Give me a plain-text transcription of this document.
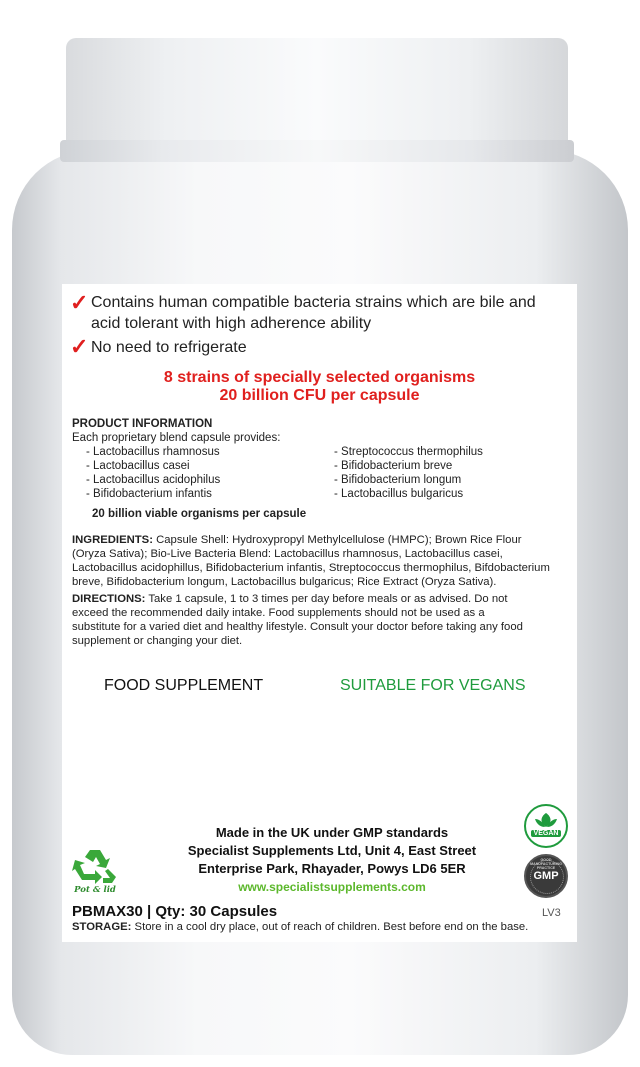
✓ Contains human compatible bacteria strains which are bile and
acid tolerant with high adherence ability
✓ No need to refrigerate
8 strains of specially selected organisms
20 billion CFU per capsule
PRODUCT INFORMATION
Each proprietary blend capsule provides:
- Lactobacillus rhamnosus
- Lactobacillus casei
- Lactobacillus acidophilus
- Bifidobacterium infantis
- Streptococcus thermophilus
- Bifidobacterium breve
- Bifidobacterium longum
- Lactobacillus bulgaricus
20 billion viable organisms per capsule
INGREDIENTS: Capsule Shell: Hydroxypropyl Methylcellulose (HMPC); Brown Rice Flour
(Oryza Sativa); Bio-Live Bacteria Blend: Lactobacillus rhamnosus, Lactobacillus casei,
Lactobacillus acidophillus, Bifidobacterium infantis, Streptococcus thermophilus, Bifdobacterium
breve, Bifidobacterium longum, Lactobacillus bulgaricus; Rice Extract (Oryza Sativa).
DIRECTIONS: Take 1 capsule, 1 to 3 times per day before meals or as advised. Do not
exceed the recommended daily intake. Food supplements should not be used as a
substitute for a varied diet and healthy lifestyle. Consult your doctor before taking any food
supplement or changing your diet.
FOOD SUPPLEMENT	SUITABLE FOR VEGANS
VEGAN
GOOD MANUFACTURING PRACTICE
GMP
Made in the UK under GMP standards
Specialist Supplements Ltd, Unit 4, East Street
Enterprise Park, Rhayader, Powys LD6 5ER
www.specialistsupplements.com
Pot & lid
PBMAX30 | Qty: 30 Capsules	LV3
STORAGE: Store in a cool dry place, out of reach of children. Best before end on the base.
